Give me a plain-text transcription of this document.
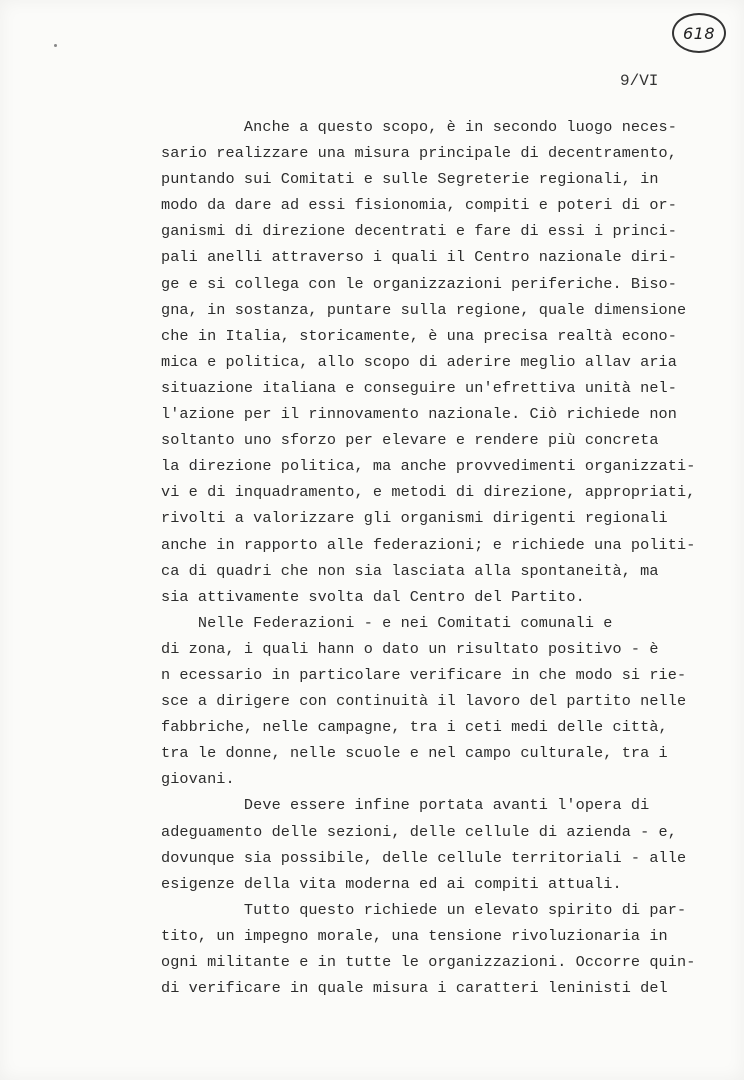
618
9/VI
Anche a questo scopo, è in secondo luogo neces-
sario realizzare una misura principale di decentramento,
puntando sui Comitati e sulle Segreterie regionali, in
modo da dare ad essi fisionomia, compiti e poteri di or-
ganismi di direzione decentrati e fare di essi i princi-
pali anelli attraverso i quali il Centro nazionale diri-
ge e si collega con le organizzazioni periferiche. Biso-
gna, in sostanza, puntare sulla regione, quale dimensione
che in Italia, storicamente, è una precisa realtà econo-
mica e politica, allo scopo di aderire meglio allav aria
situazione italiana e conseguire un'efrettiva unità nel-
l'azione per il rinnovamento nazionale. Ciò richiede non
soltanto uno sforzo per elevare e rendere più concreta
la direzione politica, ma anche provvedimenti organizzati-
vi e di inquadramento, e metodi di direzione, appropriati,
rivolti a valorizzare gli organismi dirigenti regionali
anche in rapporto alle federazioni; e richiede una politi-
ca di quadri che non sia lasciata alla spontaneità, ma
sia attivamente svolta dal Centro del Partito.
Nelle Federazioni - e nei Comitati comunali e
di zona, i quali hann o dato un risultato positivo - è
n ecessario in particolare verificare in che modo si rie-
sce a dirigere con continuità il lavoro del partito nelle
fabbriche, nelle campagne, tra i ceti medi delle città,
tra le donne, nelle scuole e nel campo culturale, tra i
giovani.
Deve essere infine portata avanti l'opera di
adeguamento delle sezioni, delle cellule di azienda - e,
dovunque sia possibile, delle cellule territoriali - alle
esigenze della vita moderna ed ai compiti attuali.
Tutto questo richiede un elevato spirito di par-
tito, un impegno morale, una tensione rivoluzionaria in
ogni militante e in tutte le organizzazioni. Occorre quin-
di verificare in quale misura i caratteri leninisti del
